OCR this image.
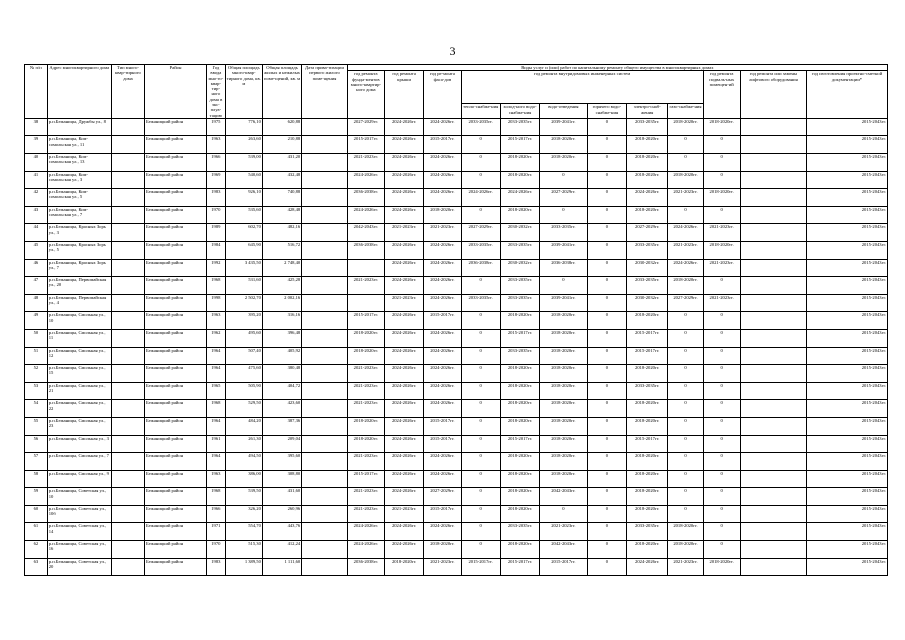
3
№ п/п	Адрес многоквартирного дома	Тип много-квар-тирного дома	Район	Год ввода мно-го-квар-тир-ного дома в экс-плуа-тацию	Общая площадь много-квар-тирного дома, кв. м	Общая площадь жилых и нежилых поме-щений, кв. м	Дата прива-тизации первого жилого поме-щения	Виды услуг и (или) работ по капитальному ремонту общего имущества в многоквартирных домах											
								год ремонта фунда-ментов много-квартир-ного дома	год ремонта крыши	год ре-монта фаса-дов	год ремонта внутридомовых инженерных систем						год ремонта подваль-ных помещен-ий	год ремонта или замены лифтового оборудования	год изготовления проектно-сметной документации*
											тепло-снабже-ния	холод-ного водо-снабже-ния	водо-отведения	горячего водо-снабже-ния	электро-снаб-жения	газо-снабже-ния			
38	р.п.Бежаницы, Дружбы ул., 8		Бежаницкий район	1975	776,10	620,88		2027-2029гг.	2024-2026гг.	2024-2026гг.	2033-2035гг.	2033-2035гг.	2039-2041гг.	0	2033-2035гг.	2018-2020гг.	2018-2020гг.		2015-2043гг.
39	р.п.Бежаницы, Ком-сомольская ул., 11		Бежаницкий район	1963	263,60	210,88		2015-2017гг.	2024-2026гг.	2015-2017гг.	0	2015-2017гг.	2018-2020гг.	0	2018-2020гг.	0	0		2015-2043гг.
40	р.п.Бежаницы, Ком-сомольская ул., 13		Бежаницкий район	1966	539,00	431,20		2021-2023гг.	2024-2026гг.	2024-2026гг.	0	2018-2020гг.	2018-2020гг.	0	2018-2020гг.	0	0		2015-2043гг.
41	р.п.Бежаницы, Ком-сомольская ул., 3		Бежаницкий район	1969	540,60	432,48		2024-2026гг.	2024-2026гг.	2024-2026гг.	0	2018-2020гг.	0	0	2018-2020гг.	2018-2020гг.	0		2015-2043гг.
42	р.п.Бежаницы, Ком-сомольская ул., 5		Бежаницкий район	1983	926,10	740,88		2036-2038гг.	2024-2026гг.	2024-2026гг.	2024-2026гг.	2024-2026гг.	2027-2029гг.	0	2024-2026гг.	2021-2023гг.	2018-2020гг.		2015-2043гг.
43	р.п.Бежаницы, Ком-сомольская ул., 7		Бежаницкий район	1970	535,60	428,48		2024-2026гг.	2024-2026гг.	2018-2020гг.	0	2018-2020гг.	0	0	2018-2020гг.	0	0		2015-2043гг.
44	р.п.Бежаницы, Красных Зорь ул., 3		Бежаницкий район	1989	602,70	482,16		2042-2043гг.	2021-2023гг.	2021-2023гг.	2027-2029гг.	2030-2032гг.	2033-2035гг.	0	2027-2029гг.	2024-2026гг.	2021-2023гг.		2015-2043гг.
45	р.п.Бежаницы, Красных Зорь ул., 5		Бежаницкий район	1984	645,90	516,72		2036-2038гг.	2024-2026гг.	2024-2026гг.	2033-2035гг.	2033-2035гг.	2039-2041гг.	0	2033-2035гг.	2021-2023гг.	2018-2020гг.		2015-2043гг.
46	р.п.Бежаницы, Красных Зорь ул., 7		Бежаницкий район	1992	3 435,50	2 748,40			2024-2026гг.	2024-2026гг.	2036-2038гг.	2030-2032гг.	2036-2038гг.	0	2030-2032гг.	2024-2026гг.	2021-2023гг.		2015-2043гг.
47	р.п.Бежаницы, Первомайская ул., 20		Бежаницкий район	1968	531,60	425,28		2021-2023гг.	2024-2026гг.	2024-2026гг.	0	2033-2035гг.	0	0	2033-2035гг.	2018-2020гг.	0		2015-2043гг.
48	р.п.Бежаницы, Первомайская ул., 4		Бежаницкий район	1998	2 502,70	2 002,16			2021-2023гг.	2024-2026гг.	2033-2035гг.	2033-2035гг.	2039-2041гг.	0	2030-2032гг.	2027-2029гг.	2021-2023гг.		2015-2043гг.
49	р.п.Бежаницы, Смольная ул., 10		Бежаницкий район	1963	395,20	316,16		2015-2017гг.	2024-2026гг.	2015-2017гг.	0	2018-2020гг.	2018-2020гг.	0	2018-2020гг.	0	0		2015-2043гг.
50	р.п.Бежаницы, Смольная ул., 11		Бежаницкий район	1962	495,60	396,48		2018-2020гг.	2024-2026гг.	2024-2026гг.	0	2015-2017гг.	2018-2020гг.	0	2015-2017гг.	0	0		2015-2043гг.
51	р.п.Бежаницы, Смольная ул., 12		Бежаницкий район	1964	507,40	405,92		2018-2020гг.	2024-2026гг.	2024-2026гг.	0	2033-2035гг.	2018-2020гг.	0	2015-2017гг.	0	0		2015-2043гг.
52	р.п.Бежаницы, Смольная ул., 15		Бежаницкий район	1964	475,60	380,48		2021-2023гг.	2024-2026гг.	2024-2026гг.	0	2018-2020гг.	2018-2020гг.	0	2018-2020гг.	0	0		2015-2043гг.
53	р.п.Бежаницы, Смольная ул., 21		Бежаницкий район	1965	505,90	404,72		2021-2023гг.	2024-2026гг.	2024-2026гг.	0	2018-2020гг.	2018-2020гг.	0	2033-2035гг.	0	0		2015-2043гг.
54	р.п.Бежаницы, Смольная ул., 22		Бежаницкий район	1968	529,50	423,60		2021-2023гг.	2024-2026гг.	2024-2026гг.	0	2018-2020гг.	2018-2020гг.	0	2018-2020гг.	0	0		2015-2043гг.
55	р.п.Бежаницы, Смольная ул., 23		Бежаницкий район	1964	484,20	387,36		2018-2020гг.	2024-2026гг.	2015-2017гг.	0	2018-2020гг.	2018-2020гг.	0	2018-2020гг.	0	0		2015-2043гг.
56	р.п.Бежаницы, Смольная ул., 3		Бежаницкий район	1961	261,30	209,04		2018-2020гг.	2024-2026гг.	2015-2017гг.	0	2015-2017гг.	2018-2020гг.	0	2015-2017гг.	0	0		2015-2043гг.
57	р.п.Бежаницы, Смольная ул., 7		Бежаницкий район	1964	494,50	395,60		2021-2023гг.	2024-2026гг.	2024-2026гг.	0	2018-2020гг.	2018-2020гг.	0	2018-2020гг.	0	0		2015-2043гг.
58	р.п.Бежаницы, Смольная ул., 9		Бежаницкий район	1963	386,00	308,80		2015-2017гг.	2024-2026гг.	2024-2026гг.	0	2018-2020гг.	2018-2020гг.	0	2018-2020гг.	0	0		2015-2043гг.
59	р.п.Бежаницы, Советская ул., 10		Бежаницкий район	1968	539,50	431,60		2021-2023гг.	2024-2026гг.	2027-2029гг.	0	2018-2020гг.	2042-2043гг.	0	2018-2020гг.	0	0		2015-2043гг.
60	р.п.Бежаницы, Советская ул., 10б		Бежаницкий район	1966	326,20	260,96		2021-2023гг.	2021-2023гг.	2015-2017гг.	0	2018-2020гг.	0	0	2018-2020гг.	0	0		2015-2043гг.
61	р.п.Бежаницы, Советская ул., 14		Бежаницкий район	1971	554,70	443,76		2024-2026гг.	2024-2026гг.	2024-2026гг.	0	2033-2035гг.	2021-2023гг.	0	2033-2035гг.	2018-2020гг.	0		2015-2043гг.
62	р.п.Бежаницы, Советская ул., 16		Бежаницкий район	1970	515,30	412,24		2024-2026гг.	2024-2026гг.	2018-2020гг.	0	2018-2020гг.	2042-2043гг.	0	2018-2020гг.	2018-2020гг.	0		2015-2043гг.
63	р.п.Бежаницы, Советская ул., 20		Бежаницкий район	1983	1 389,50	1 111,60		2036-2038гг.	2018-2020гг.	2021-2023гг.	2015-2017гг.	2015-2017гг.	2015-2017гг.	0	2024-2026гг.	2021-2023гг.	2018-2020гг.		2015-2043гг.
